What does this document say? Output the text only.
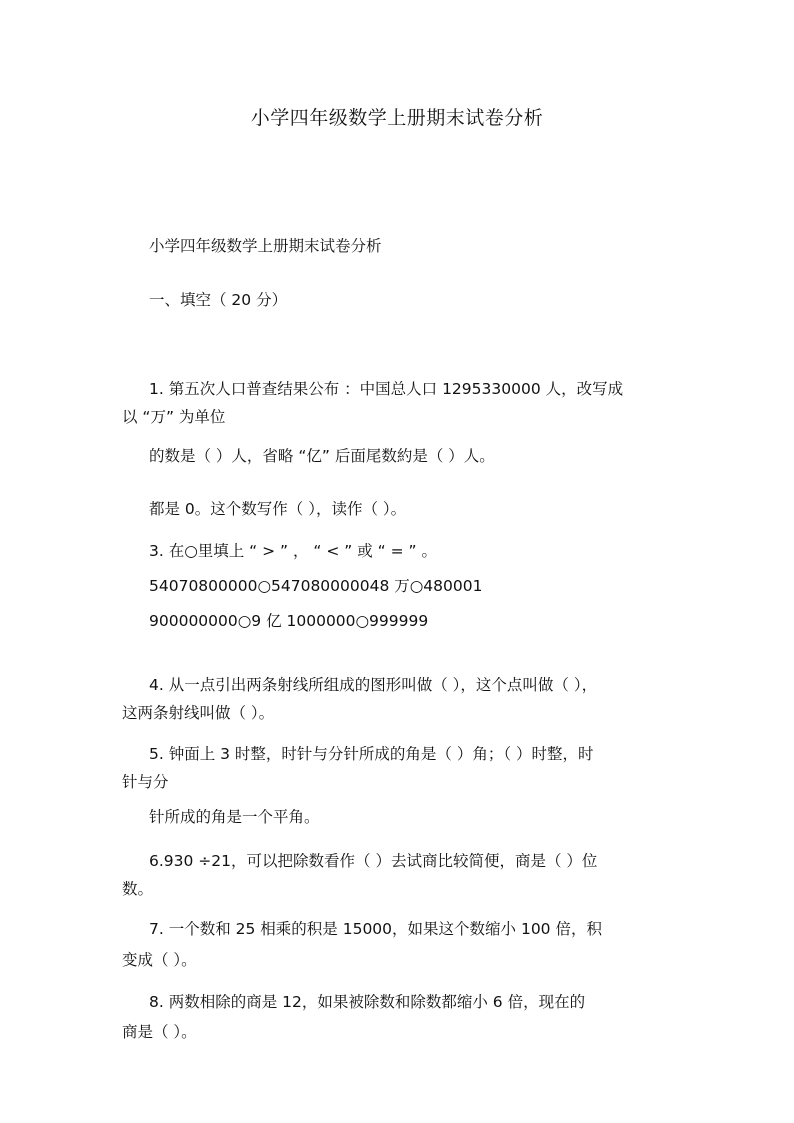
小学四年级数学上册期末试卷分析
小学四年级数学上册期末试卷分析
一、填空（ 20 分）
1. 第五次人口普查结果公布 ：中国总人口 1295330000 人，改写成
以 “万” 为单位
的数是（ ）人，省略 “亿” 后面尾数約是（ ）人。
都是 0。这个数写作（ ），读作（ ）。
3. 在○里填上 “ > ” ， “ < ” 或 “ = ” 。
54070800000○547080000048 万○480001
900000000○9 亿 1000000○999999
4. 从一点引出两条射线所组成的图形叫做（ ），这个点叫做（ ），
这两条射线叫做（ ）。
5. 钟面上 3 时整，时针与分针所成的角是（ ）角；（ ）时整，时
针与分
针所成的角是一个平角。
6.930 ÷21，可以把除数看作（ ）去试商比较简便，商是（ ）位
数。
7. 一个数和 25 相乘的积是 15000，如果这个数缩小 100 倍，积
变成（ ）。
8. 两数相除的商是 12，如果被除数和除数都缩小 6 倍，现在的
商是（ ）。
